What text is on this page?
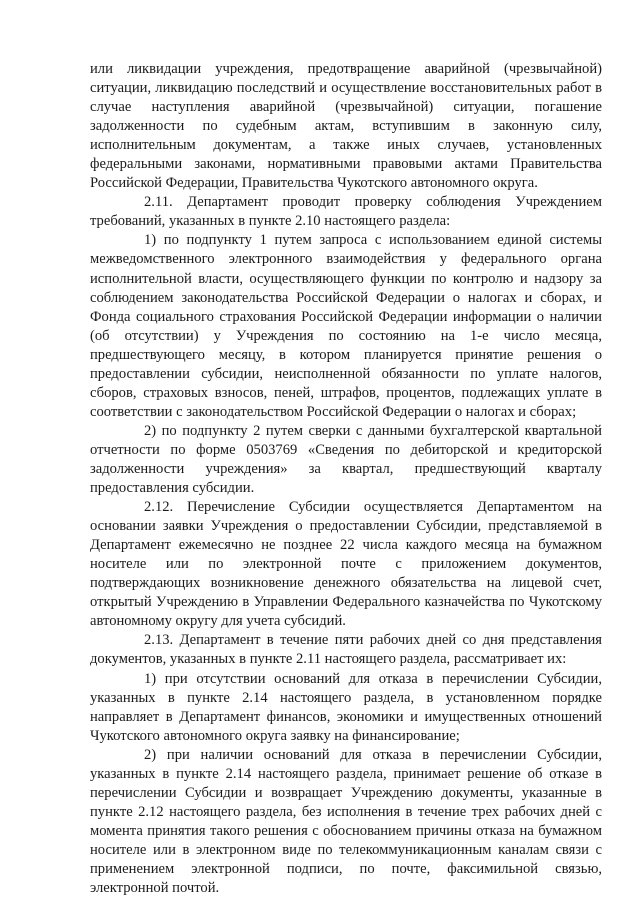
или ликвидации учреждения, предотвращение аварийной (чрезвычайной) ситуации, ликвидацию последствий и осуществление восстановительных работ в случае наступления аварийной (чрезвычайной) ситуации, погашение задолженности по судебным актам, вступившим в законную силу, исполнительным документам, а также иных случаев, установленных федеральными законами, нормативными правовыми актами Правительства Российской Федерации, Правительства Чукотского автономного округа.

2.11. Департамент проводит проверку соблюдения Учреждением требований, указанных в пункте 2.10 настоящего раздела:

1) по подпункту 1 путем запроса с использованием единой системы межведомственного электронного взаимодействия у федерального органа исполнительной власти, осуществляющего функции по контролю и надзору за соблюдением законодательства Российской Федерации о налогах и сборах, и Фонда социального страхования Российской Федерации информации о наличии (об отсутствии) у Учреждения по состоянию на 1-е число месяца, предшествующего месяцу, в котором планируется принятие решения о предоставлении субсидии, неисполненной обязанности по уплате налогов, сборов, страховых взносов, пеней, штрафов, процентов, подлежащих уплате в соответствии с законодательством Российской Федерации о налогах и сборах;

2) по подпункту 2 путем сверки с данными бухгалтерской квартальной отчетности по форме 0503769 «Сведения по дебиторской и кредиторской задолженности учреждения» за квартал, предшествующий кварталу предоставления субсидии.

2.12. Перечисление Субсидии осуществляется Департаментом на основании заявки Учреждения о предоставлении Субсидии, представляемой в Департамент ежемесячно не позднее 22 числа каждого месяца на бумажном носителе или по электронной почте с приложением документов, подтверждающих возникновение денежного обязательства на лицевой счет, открытый Учреждению в Управлении Федерального казначейства по Чукотскому автономному округу для учета субсидий.

2.13. Департамент в течение пяти рабочих дней со дня представления документов, указанных в пункте 2.11 настоящего раздела, рассматривает их:

1) при отсутствии оснований для отказа в перечислении Субсидии, указанных в пункте 2.14 настоящего раздела, в установленном порядке направляет в Департамент финансов, экономики и имущественных отношений Чукотского автономного округа заявку на финансирование;

2) при наличии оснований для отказа в перечислении Субсидии, указанных в пункте 2.14 настоящего раздела, принимает решение об отказе в перечислении Субсидии и возвращает Учреждению документы, указанные в пункте 2.12 настоящего раздела, без исполнения в течение трех рабочих дней с момента принятия такого решения с обоснованием причины отказа на бумажном носителе или в электронном виде по телекоммуникационным каналам связи с применением электронной подписи, по почте, факсимильной связью, электронной почтой.
